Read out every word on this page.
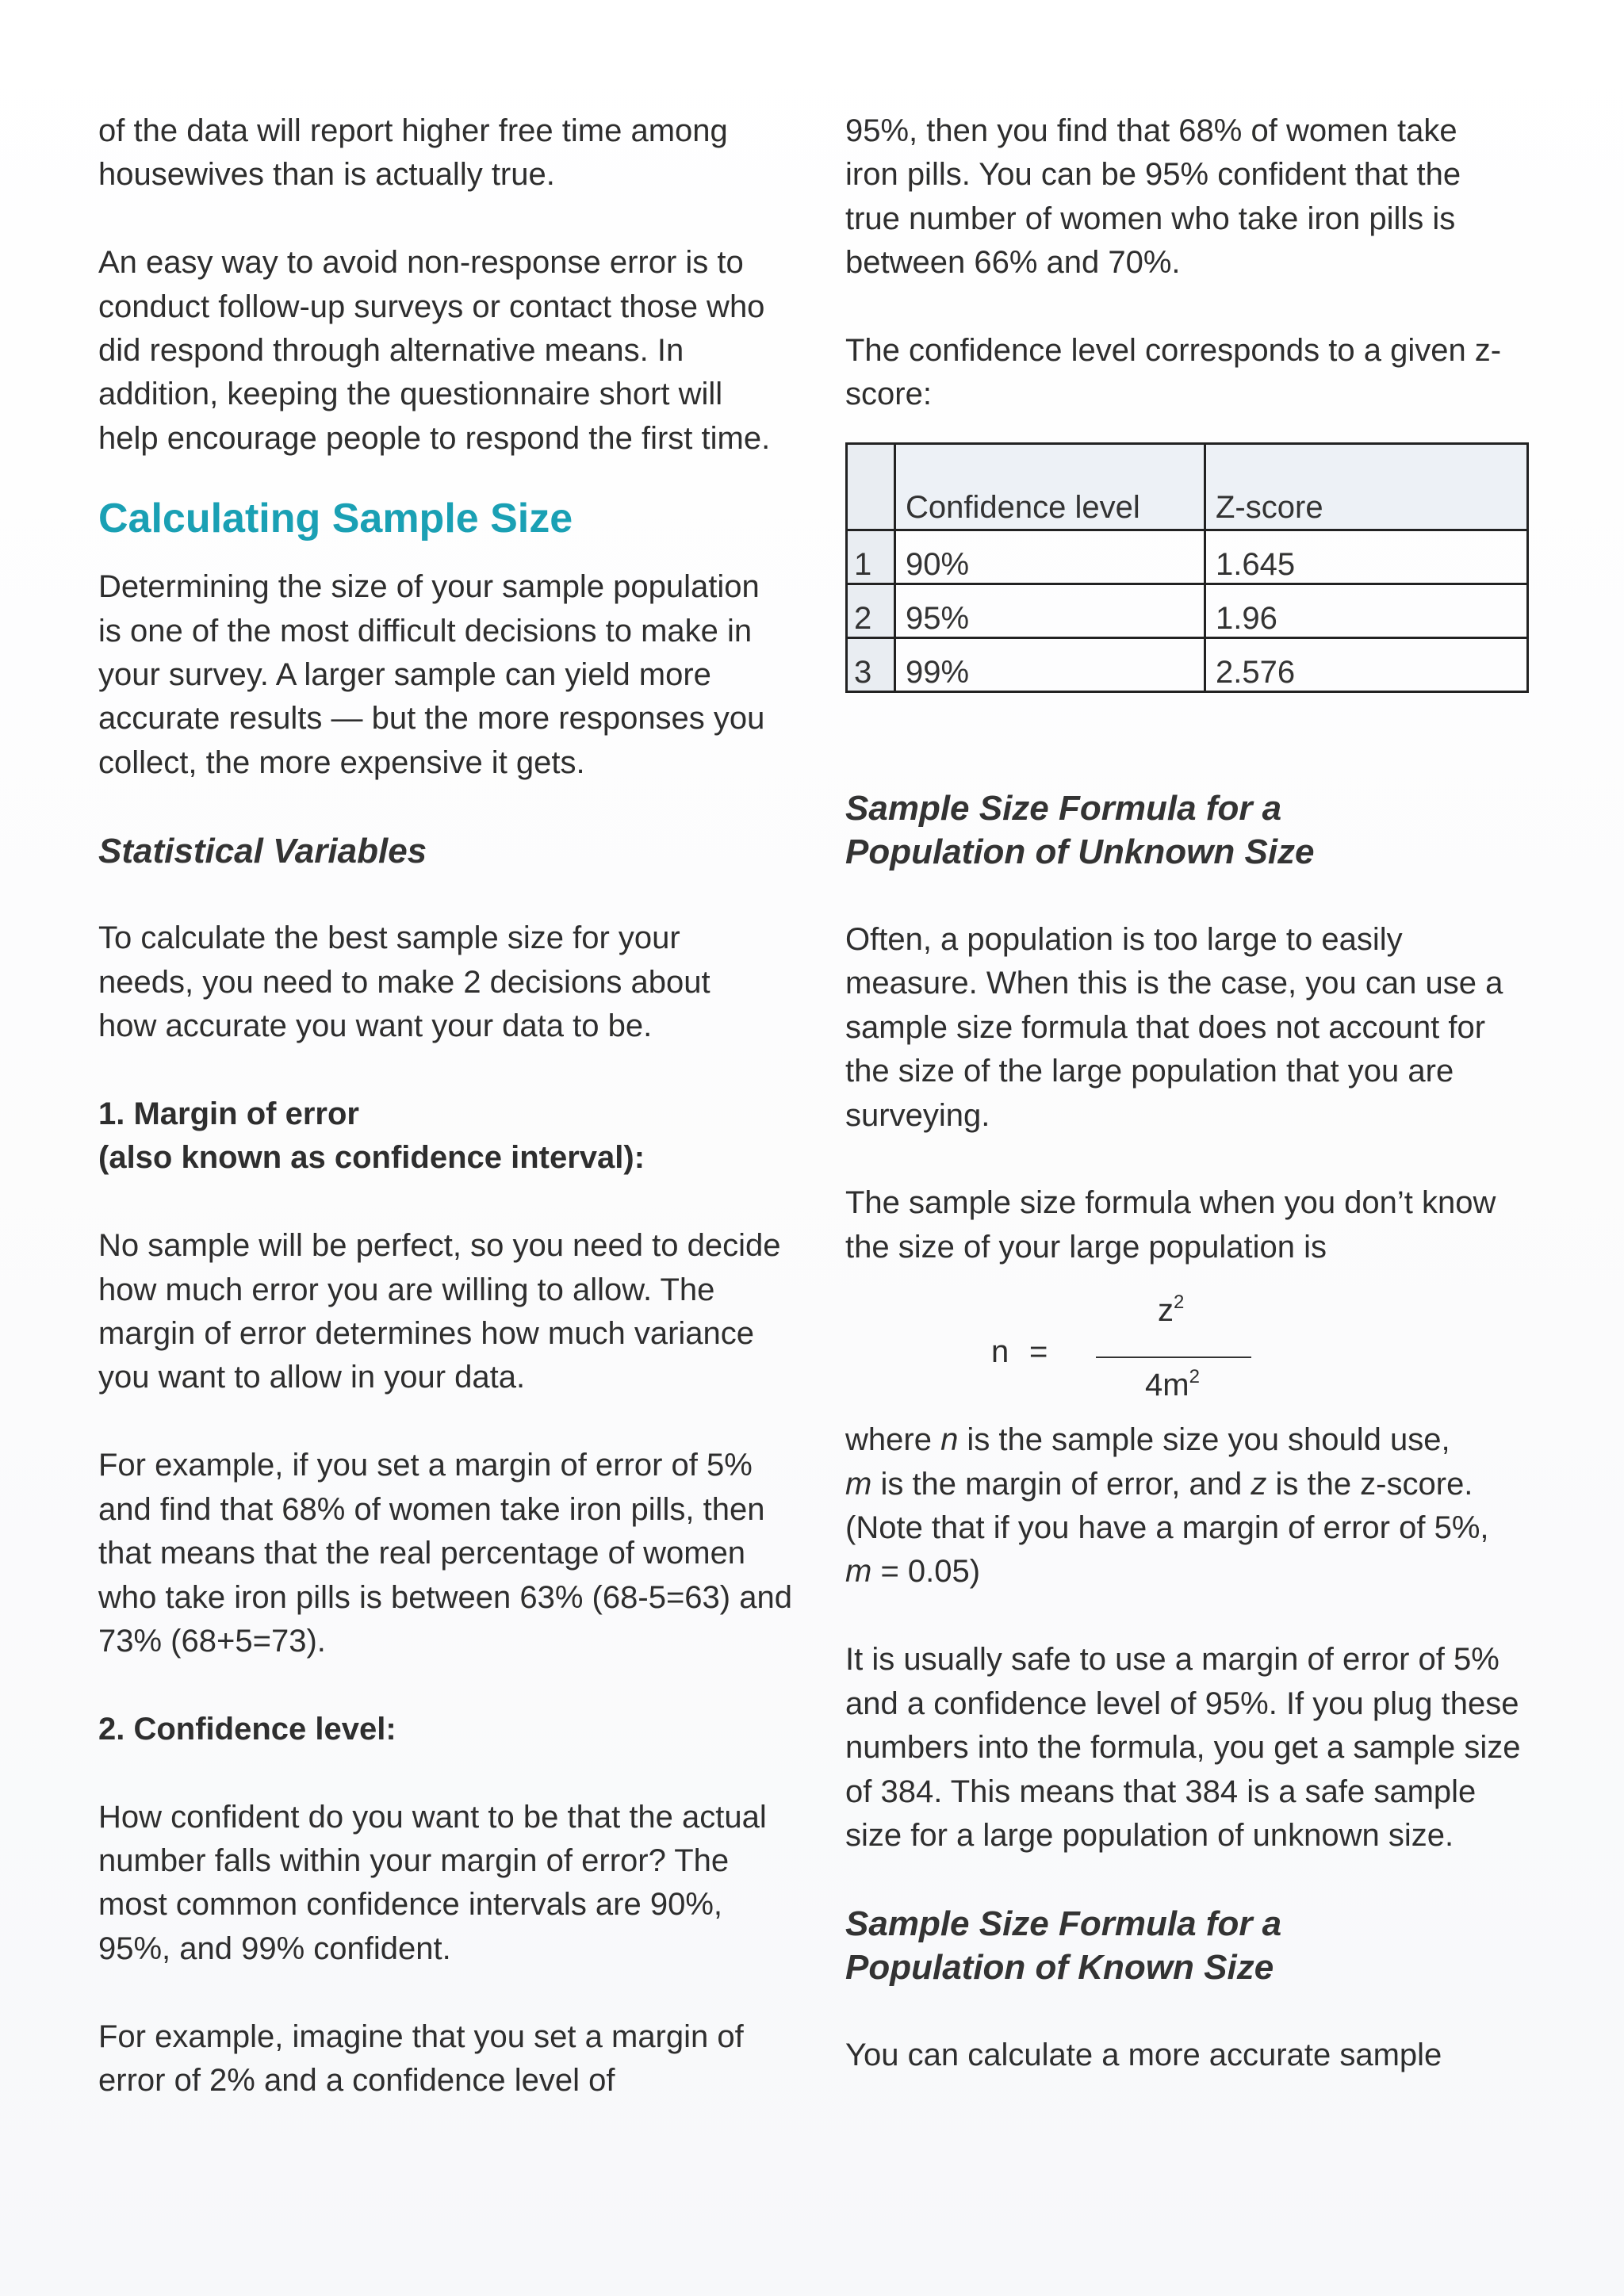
of the data will report higher free time among housewives than is actually true.

An easy way to avoid non-response error is to conduct follow-up surveys or contact those who did respond through alternative means. In addition, keeping the questionnaire short will help encourage people to respond the first time.

Calculating Sample Size

Determining the size of your sample population is one of the most difficult decisions to make in your survey. A larger sample can yield more accurate results — but the more responses you collect, the more expensive it gets.

Statistical Variables

To calculate the best sample size for your needs, you need to make 2 decisions about how accurate you want your data to be.

1. Margin of error

(also known as confidence interval):

No sample will be perfect, so you need to decide how much error you are willing to allow. The margin of error determines how much variance you want to allow in your data.

For example, if you set a margin of error of 5% and find that 68% of women take iron pills, then that means that the real percentage of women who take iron pills is between 63% (68-5=63) and 73% (68+5=73).

2. Confidence level:

How confident do you want to be that the actual number falls within your margin of error? The most common confidence intervals are 90%, 95%, and 99% confident.

For example, imagine that you set a margin of error of 2% and a confidence level of

95%, then you find that 68% of women take iron pills. You can be 95% confident that the true number of women who take iron pills is between 66% and 70%.

The confidence level corresponds to a given z-score:

	Confidence level	Z-score
1	90%	1.645
2	95%	1.96
3	99%	2.576
Sample Size Formula for a
Population of Unknown Size

Often, a population is too large to easily measure. When this is the case, you can use a sample size formula that does not account for the size of the large population that you are surveying.

The sample size formula when you don’t know the size of your large population is

n =
$z^2$
$4m^2$

where n is the sample size you should use,
m is the margin of error, and z is the z-score. (Note that if you have a margin of error of 5%,
m = 0.05)

It is usually safe to use a margin of error of 5% and a confidence level of 95%. If you plug these numbers into the formula, you get a sample size of 384. This means that 384 is a safe sample size for a large population of unknown size.

Sample Size Formula for a
Population of Known Size

You can calculate a more accurate sample
